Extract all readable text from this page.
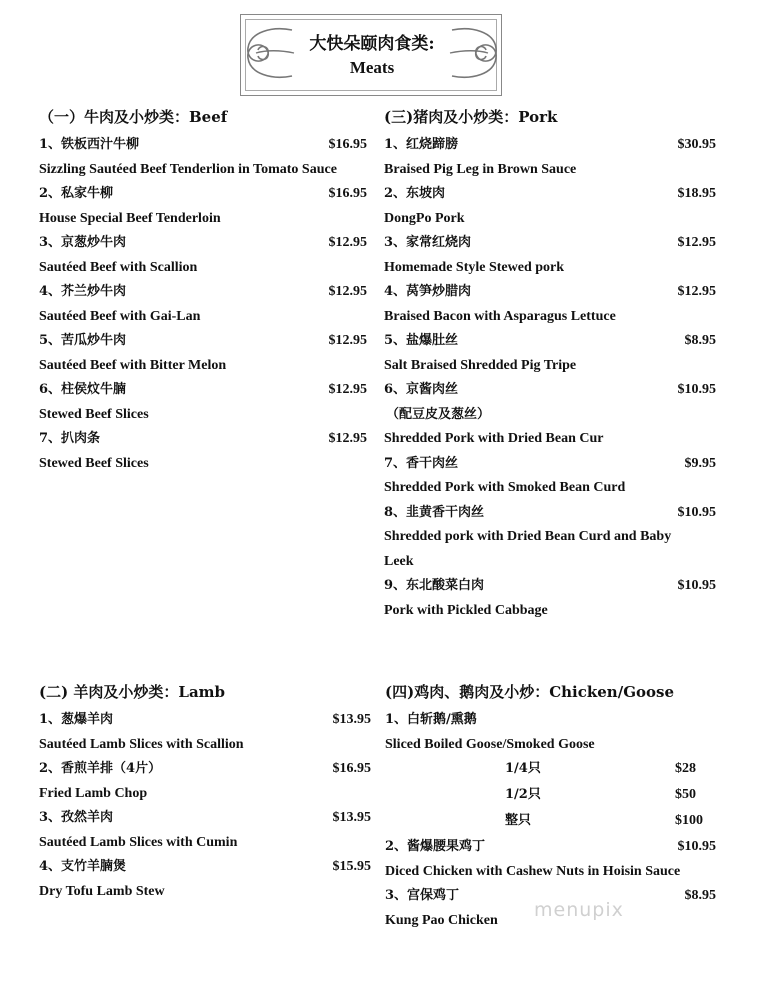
大快朵颐肉食类:
Meats
（一）牛肉及小炒类：Beef
1、铁板西汁牛柳	$16.95
Sizzling Sautéed Beef Tenderlion in Tomato Sauce
2、私家牛柳	$16.95
House Special Beef Tenderloin
3、京葱炒牛肉	$12.95
Sautéed Beef with Scallion
4、芥兰炒牛肉	$12.95
Sautéed Beef with Gai-Lan
5、苦瓜炒牛肉	$12.95
Sautéed Beef with Bitter Melon
6、柱侯炆牛腩	$12.95
Stewed Beef Slices
7、扒肉条	$12.95
Stewed Beef Slices
(三)猪肉及小炒类：Pork
1、红烧蹄膀	$30.95
Braised Pig Leg in Brown Sauce
2、东坡肉	$18.95
DongPo Pork
3、家常红烧肉	$12.95
Homemade Style Stewed pork
4、莴笋炒腊肉	$12.95
Braised Bacon with Asparagus Lettuce
5、盐爆肚丝	$8.95
Salt Braised Shredded Pig Tripe
6、京酱肉丝	$10.95
（配豆皮及葱丝）
Shredded Pork with Dried Bean Cur
7、香干肉丝	$9.95
Shredded Pork with Smoked Bean Curd
8、韭黄香干肉丝	$10.95
Shredded pork with Dried Bean Curd and Baby
Leek
9、东北酸菜白肉	$10.95
Pork with Pickled Cabbage
(二) 羊肉及小炒类：Lamb
1、葱爆羊肉	$13.95
Sautéed Lamb Slices with Scallion
2、香煎羊排（4片）	$16.95
Fried Lamb Chop
3、孜然羊肉	$13.95
Sautéed Lamb Slices with Cumin
4、支竹羊腩煲	$15.95
Dry Tofu Lamb Stew
(四)鸡肉、鹅肉及小炒：Chicken/Goose
1、白斩鹅/熏鹅
Sliced Boiled Goose/Smoked Goose
1/4只	$28
1/2只	$50
整只	$100
2、酱爆腰果鸡丁	$10.95
Diced Chicken with Cashew Nuts in Hoisin Sauce
3、宫保鸡丁	$8.95
Kung Pao Chicken	menupix
